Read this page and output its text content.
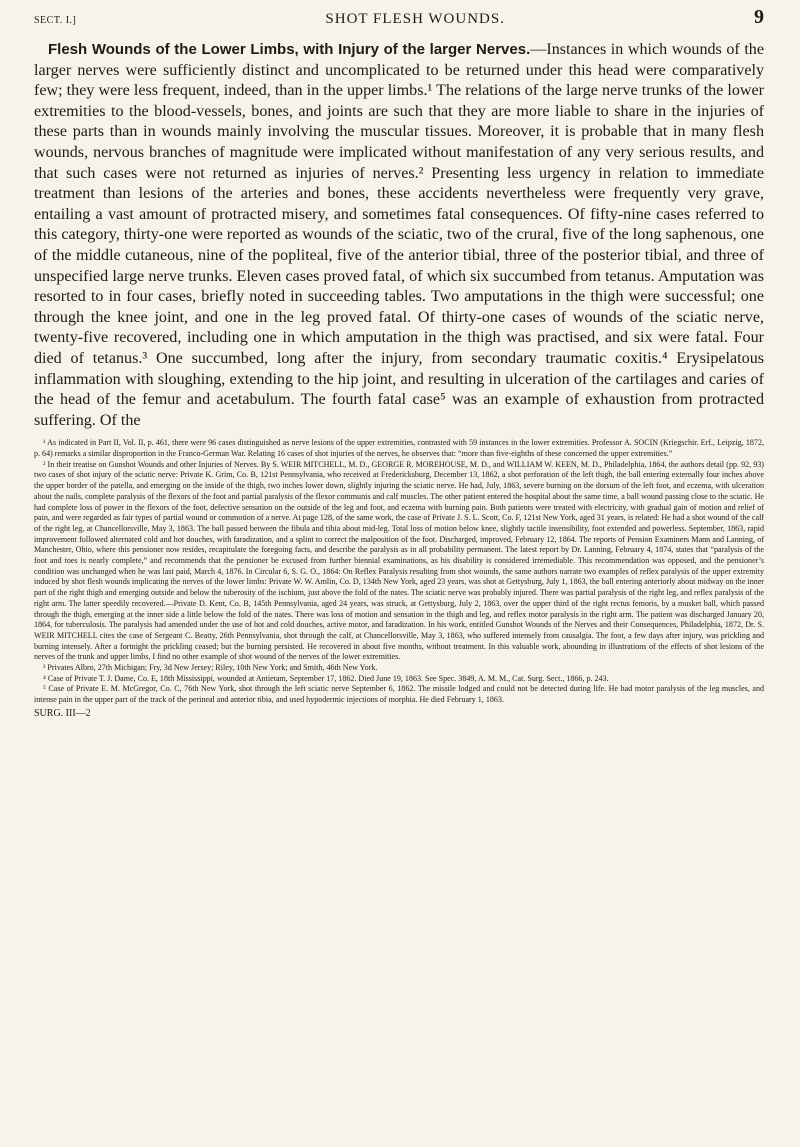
SECT. I.]	SHOT FLESH WOUNDS.	9

Flesh Wounds of the Lower Limbs, with Injury of the larger Nerves.—Instances in which wounds of the larger nerves were sufficiently distinct and uncomplicated to be returned under this head were comparatively few; they were less frequent, indeed, than in the upper limbs.¹ The relations of the large nerve trunks of the lower extremities to the blood-vessels, bones, and joints are such that they are more liable to share in the injuries of these parts than in wounds mainly involving the muscular tissues. Moreover, it is probable that in many flesh wounds, nervous branches of magnitude were implicated without manifestation of any very serious results, and that such cases were not returned as injuries of nerves.² Presenting less urgency in relation to immediate treatment than lesions of the arteries and bones, these accidents nevertheless were frequently very grave, entailing a vast amount of protracted misery, and sometimes fatal consequences. Of fifty-nine cases referred to this category, thirty-one were reported as wounds of the sciatic, two of the crural, five of the long saphenous, one of the middle cutaneous, nine of the popliteal, five of the anterior tibial, three of the posterior tibial, and three of unspecified large nerve trunks. Eleven cases proved fatal, of which six succumbed from tetanus. Amputation was resorted to in four cases, briefly noted in succeeding tables. Two amputations in the thigh were successful; one through the knee joint, and one in the leg proved fatal. Of thirty-one cases of wounds of the sciatic nerve, twenty-five recovered, including one in which amputation in the thigh was practised, and six were fatal. Four died of tetanus.³ One succumbed, long after the injury, from secondary traumatic coxitis.⁴ Erysipelatous inflammation with sloughing, extending to the hip joint, and resulting in ulceration of the cartilages and caries of the head of the femur and acetabulum. The fourth fatal case⁵ was an example of exhaustion from protracted suffering. Of the

¹ As indicated in Part II, Vol. II, p. 461, there were 96 cases distinguished as nerve lesions of the upper extremities, contrasted with 59 instances in the lower extremities. Professor A. SOCIN (Kriegschir. Erf., Leipzig, 1872, p. 64) remarks a similar disproportion in the Franco-German War. Relating 16 cases of shot injuries of the nerves, he observes that: “more than five-eighths of these concerned the upper extremities.”

² In their treatise on Gunshot Wounds and other Injuries of Nerves. By S. WEIR MITCHELL, M. D., GEORGE R. MOREHOUSE, M. D., and WILLIAM W. KEEN, M. D., Philadelphia, 1864, the authors detail (pp. 92, 93) two cases of shot injury of the sciatic nerve: Private K. Grim, Co. B, 121st Pennsylvania, who received at Fredericksburg, December 13, 1862, a shot perforation of the left thigh, the ball entering externally four inches above the upper border of the patella, and emerging on the inside of the thigh, two inches lower down, slightly injuring the sciatic nerve. He had, July, 1863, severe burning on the dorsum of the left foot, and eczema, with ulceration about the nails, complete paralysis of the flexors of the foot and partial paralysis of the flexor communis and calf muscles. The other patient entered the hospital about the same time, a ball wound passing close to the sciatic. He had complete loss of power in the flexors of the foot, defective sensation on the outside of the leg and foot, and eczema with burning pain. Both patients were treated with electricity, with gradual gain of motion and relief of pain, and were regarded as fair types of partial wound or commotion of a nerve. At page 128, of the same work, the case of Private J. S. L. Scott, Co. F, 121st New York, aged 31 years, is related: He had a shot wound of the calf of the right leg, at Chancellorsville, May 3, 1863. The ball passed between the fibula and tibia about mid-leg. Total loss of motion below knee, slightly tactile insensibility, foot extended and powerless. September, 1863, rapid improvement followed alternated cold and hot douches, with faradization, and a splint to correct the malposition of the foot. Discharged, improved, February 12, 1864. The reports of Pension Examiners Mann and Lanning, of Manchester, Ohio, where this pensioner now resides, recapitulate the foregoing facts, and describe the paralysis as in all probability permanent. The latest report by Dr. Lanning, February 4, 1874, states that “paralysis of the foot and toes is nearly complete,” and recommends that the pensioner be excused from further biennial examinations, as his disability is considered irremediable. This recommendation was opposed, and the pensioner’s condition was unchanged when he was last paid, March 4, 1876. In Circular 6, S. G. O., 1864: On Reflex Paralysis resulting from shot wounds, the same authors narrate two examples of reflex paralysis of the upper extremity induced by shot flesh wounds implicating the nerves of the lower limbs: Private W. W. Amlin, Co. D, 134th New York, aged 23 years, was shot at Gettysburg, July 1, 1863, the ball entering anteriorly about midway on the inner part of the right thigh and emerging outside and below the tuberosity of the ischium, just above the fold of the nates. The sciatic nerve was probably injured. There was partial paralysis of the right leg, and reflex paralysis of the right arm. The latter speedily recovered.—Private D. Kent, Co. B, 145th Pennsylvania, aged 24 years, was struck, at Gettysburg, July 2, 1863, over the upper third of the right rectus femoris, by a musket ball, which passed through the thigh, emerging at the inner side a little below the fold of the nates. There was loss of motion and sensation in the thigh and leg, and reflex motor paralysis in the right arm. The patient was discharged January 20, 1864, for tuberculosis. The paralysis had amended under the use of hot and cold douches, active motor, and faradization. In his work, entitled Gunshot Wounds of the Nerves and their Consequences, Philadelphia, 1872, Dr. S. WEIR MITCHELL cites the case of Sergeant C. Beatty, 26th Pennsylvania, shot through the calf, at Chancellorsville, May 3, 1863, who suffered intensely from causalgia. The foot, a few days after injury, was prickling and burning intensely. After a fortnight the prickling ceased; but the burning persisted. He recovered in about five months, without treatment. In this valuable work, abounding in illustrations of the effects of shot lesions of the nerves of the trunk and upper limbs, I find no other example of shot wound of the nerves of the lower extremities.

³ Privates Albro, 27th Michigan; Fry, 3d New Jersey; Riley, 10th New York; and Smith, 46th New York.

⁴ Case of Private T. J. Dame, Co. E, 18th Mississippi, wounded at Antietam, September 17, 1862. Died June 19, 1863. See Spec. 3849, A. M. M., Cat. Surg. Sect., 1866, p. 243.

⁵ Case of Private E. M. McGregor, Co. C, 76th New York, shot through the left sciatic nerve September 6, 1862. The missile lodged and could not be detected during life. He had motor paralysis of the leg muscles, and intense pain in the upper part of the track of the perineal and anterior tibia, and used hypodermic injections of morphia. He died February 1, 1863.

SURG. III—2
